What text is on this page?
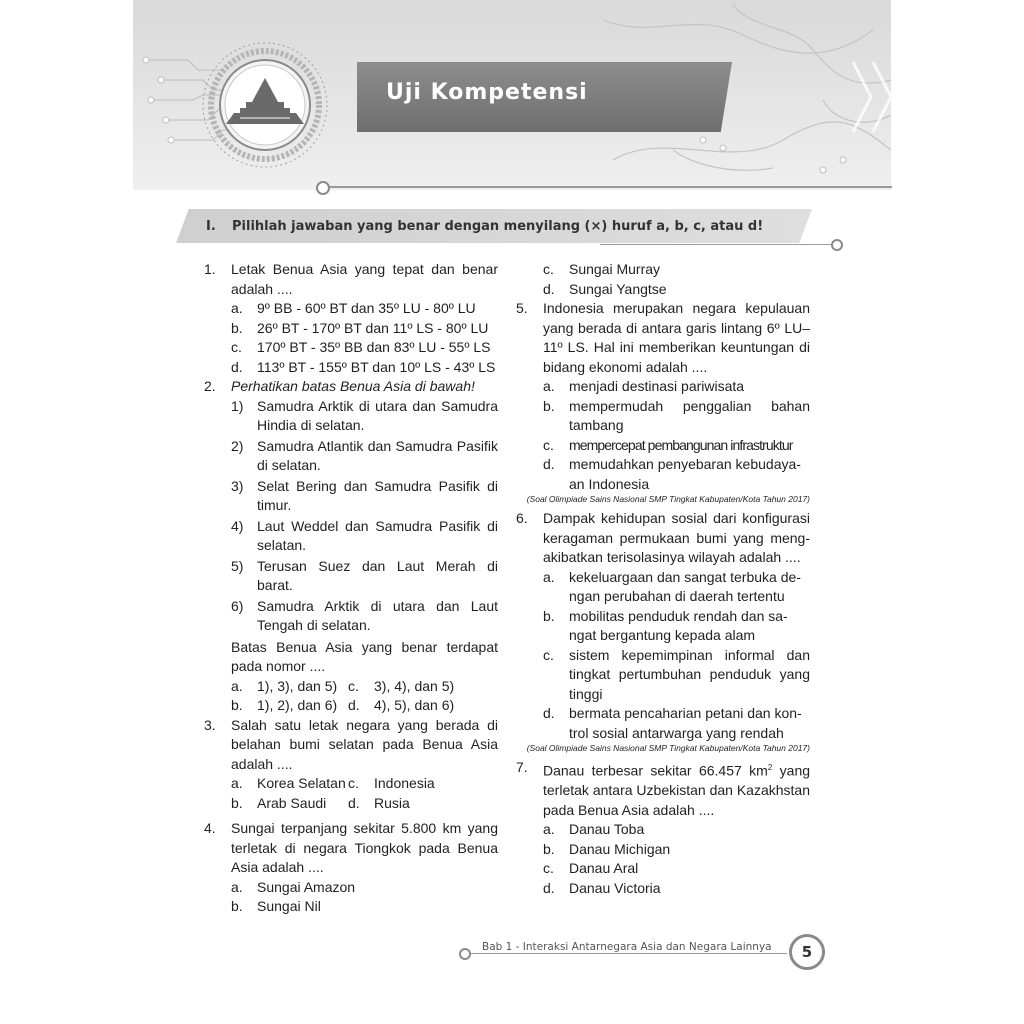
Uji Kompetensi
I. Pilihlah jawaban yang benar dengan menyilang (×) huruf a, b, c, atau d!
1.	Letak Benua Asia yang tepat dan benar adalah ....
a.	9º BB - 60º BT dan 35º LU - 80º LU
b.	26º BT - 170º BT dan 11º LS - 80º LU
c.	170º BT - 35º BB dan 83º LU - 55º LS
d.	113º BT - 155º BT dan 10º LS - 43º LS
2.	Perhatikan batas Benua Asia di bawah!
1) Samudra Arktik di utara dan Samudra Hindia di selatan.
2) Samudra Atlantik dan Samudra Pasifik di selatan.
3) Selat Bering dan Samudra Pasifik di timur.
4) Laut Weddel dan Samudra Pasifik di selatan.
5) Terusan Suez dan Laut Merah di barat.
6) Samudra Arktik di utara dan Laut Tengah di selatan.
Batas Benua Asia yang benar terdapat pada nomor ....
a.	1), 3), dan 5) c.	3), 4), dan 5)
b.	1), 2), dan 6) d.	4), 5), dan 6)
3.	Salah satu letak negara yang berada di belahan bumi selatan pada Benua Asia adalah ....
a.	Korea Selatan c.	Indonesia
b.	Arab Saudi d.	Rusia
4.	Sungai terpanjang sekitar 5.800 km yang terletak di negara Tiongkok pada Benua Asia adalah ....
a.	Sungai Amazon
b.	Sungai Nil
c.	Sungai Murray
d.	Sungai Yangtse
5.	Indonesia merupakan negara kepulauan yang berada di antara garis lintang 6º LU–11º LS. Hal ini memberikan keuntungan di bidang ekonomi adalah ....
a.	menjadi destinasi pariwisata
b.	mempermudah penggalian bahan tambang
c.	mempercepat pembangunan infrastruktur
d.	memudahkan penyebaran kebudaya-an Indonesia
(Soal Olimpiade Sains Nasional SMP Tingkat Kabupaten/Kota Tahun 2017)
6.	Dampak kehidupan sosial dari konfigurasi keragaman permukaan bumi yang meng-akibatkan terisolasinya wilayah adalah ....
a.	kekeluargaan dan sangat terbuka de-ngan perubahan di daerah tertentu
b.	mobilitas penduduk rendah dan sa-ngat bergantung kepada alam
c.	sistem kepemimpinan informal dan tingkat pertumbuhan penduduk yang tinggi
d.	bermata pencaharian petani dan kon-trol sosial antarwarga yang rendah
(Soal Olimpiade Sains Nasional SMP Tingkat Kabupaten/Kota Tahun 2017)
7.	Danau terbesar sekitar 66.457 $km^2$ yang terletak antara Uzbekistan dan Kazakhstan pada Benua Asia adalah ....
a.	Danau Toba
b.	Danau Michigan
c.	Danau Aral
d.	Danau Victoria
Bab 1 - Interaksi Antarnegara Asia dan Negara Lainnya	5
